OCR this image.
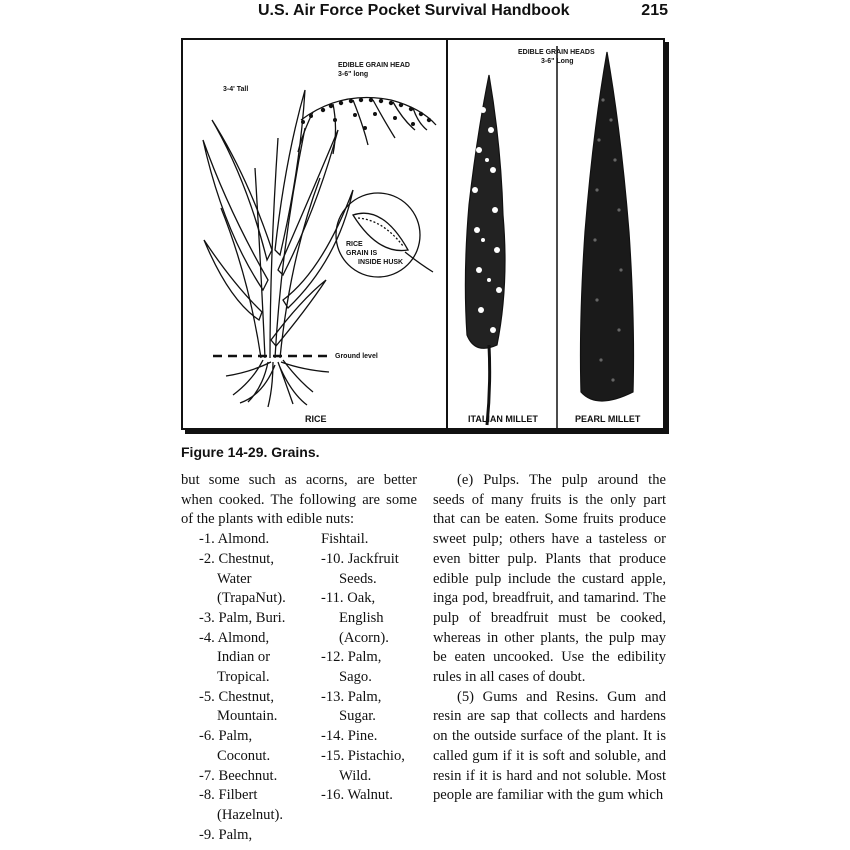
U.S. Air Force Pocket Survival Handbook	215
3-4' Tall
EDIBLE GRAIN HEAD
3-6" long
RICE
GRAIN IS
INSIDE HUSK
Ground level
RICE
EDIBLE GRAIN HEADS
3-6" Long
ITALIAN MILLET	PEARL MILLET
Figure 14-29. Grains.

but some such as acorns, are better when cooked. The following are some of the plants with edible nuts:

-1. Almond.

-2. Chestnut,
Water
(TrapaNut).

-3. Palm, Buri.

-4. Almond,
Indian or
Tropical.

-5. Chestnut,
Mountain.

-6. Palm,
Coconut.

-7. Beechnut.

-8. Filbert
(Hazelnut).

-9. Palm,

Fishtail.

-10. Jackfruit
Seeds.

-11. Oak,
English
(Acorn).

-12. Palm,
Sago.

-13. Palm,
Sugar.

-14. Pine.

-15. Pistachio,
Wild.

-16. Walnut.

(e) Pulps. The pulp around the seeds of many fruits is the only part that can be eaten. Some fruits produce sweet pulp; others have a tasteless or even bitter pulp. Plants that produce edible pulp include the custard apple, inga pod, breadfruit, and tamarind. The pulp of breadfruit must be cooked, whereas in other plants, the pulp may be eaten uncooked. Use the edibility rules in all cases of doubt.

(5) Gums and Resins. Gum and resin are sap that collects and hardens on the outside surface of the plant. It is called gum if it is soft and soluble, and resin if it is hard and not soluble. Most people are familiar with the gum which
